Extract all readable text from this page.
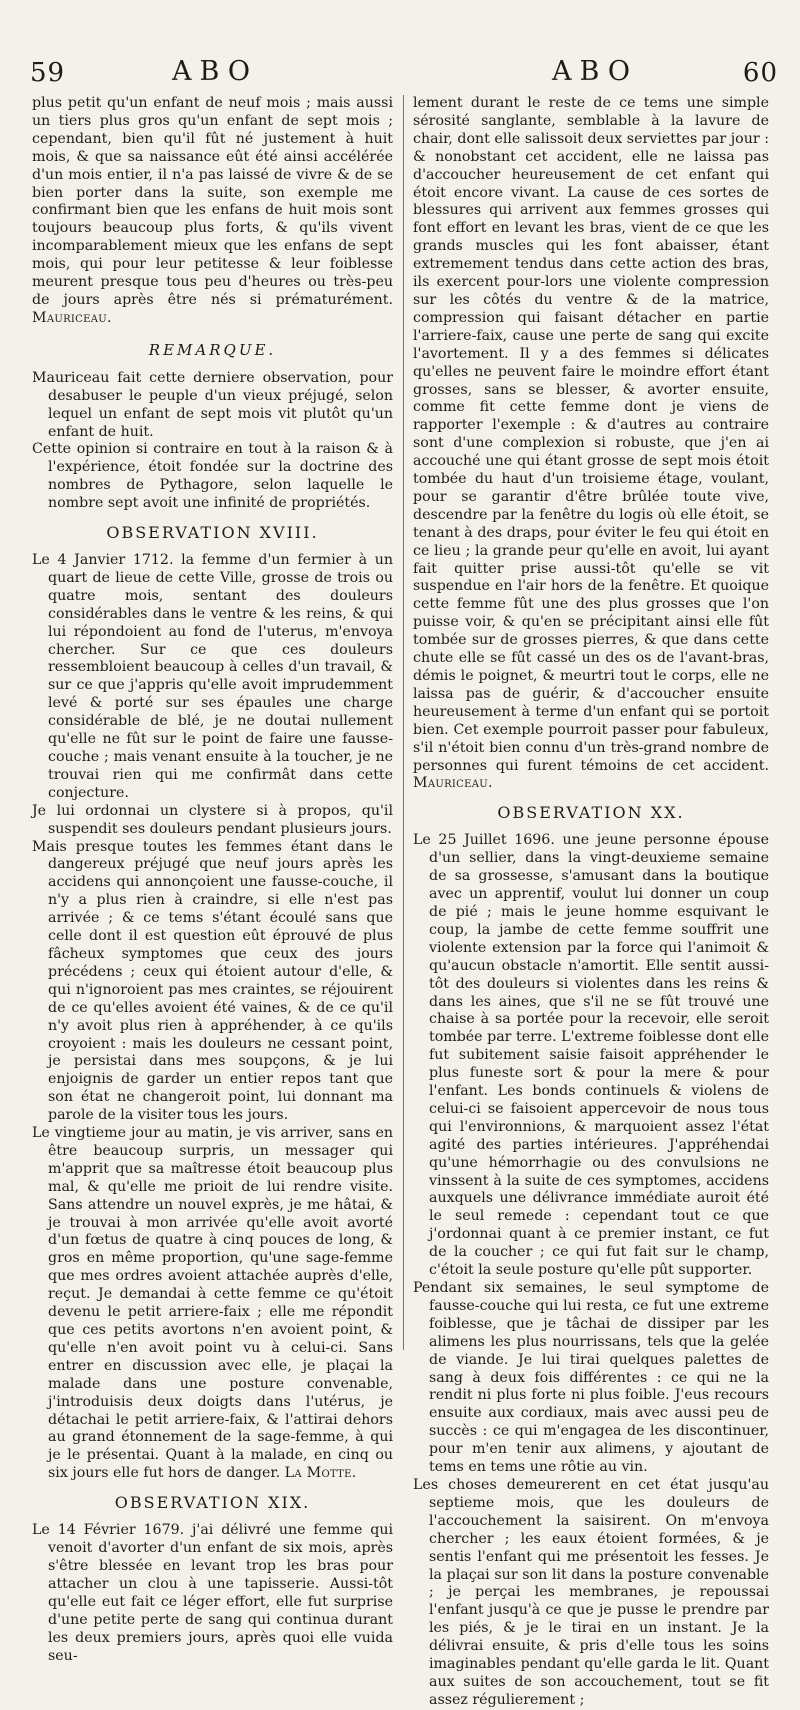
59	ABO	ABO	60

plus petit qu'un enfant de neuf mois ; mais aussi un tiers plus gros qu'un enfant de sept mois ; cependant, bien qu'il fût né justement à huit mois, & que sa naissance eût été ainsi accélérée d'un mois entier, il n'a pas laissé de vivre & de se bien porter dans la suite, son exemple me confirmant bien que les enfans de huit mois sont toujours beaucoup plus forts, & qu'ils vivent incomparablement mieux que les enfans de sept mois, qui pour leur petitesse & leur foiblesse meurent presque tous peu d'heures ou très-peu de jours après être nés si prématurément. Mauriceau.

REMARQUE.

Mauriceau fait cette derniere observation, pour desabuser le peuple d'un vieux préjugé, selon lequel un enfant de sept mois vit plutôt qu'un enfant de huit.

Cette opinion si contraire en tout à la raison & à l'expérience, étoit fondée sur la doctrine des nombres de Pythagore, selon laquelle le nombre sept avoit une infinité de propriétés.

OBSERVATION XVIII.

Le 4 Janvier 1712. la femme d'un fermier à un quart de lieue de cette Ville, grosse de trois ou quatre mois, sentant des douleurs considérables dans le ventre & les reins, & qui lui répondoient au fond de l'uterus, m'envoya chercher. Sur ce que ces douleurs ressembloient beaucoup à celles d'un travail, & sur ce que j'appris qu'elle avoit imprudemment levé & porté sur ses épaules une charge considérable de blé, je ne doutai nullement qu'elle ne fût sur le point de faire une fausse-couche ; mais venant ensuite à la toucher, je ne trouvai rien qui me confirmât dans cette conjecture.

Je lui ordonnai un clystere si à propos, qu'il suspendit ses douleurs pendant plusieurs jours.

Mais presque toutes les femmes étant dans le dangereux préjugé que neuf jours après les accidens qui annonçoient une fausse-couche, il n'y a plus rien à craindre, si elle n'est pas arrivée ; & ce tems s'étant écoulé sans que celle dont il est question eût éprouvé de plus fâcheux symptomes que ceux des jours précédens ; ceux qui étoient autour d'elle, & qui n'ignoroient pas mes craintes, se réjouirent de ce qu'elles avoient été vaines, & de ce qu'il n'y avoit plus rien à appréhender, à ce qu'ils croyoient : mais les douleurs ne cessant point, je persistai dans mes soupçons, & je lui enjoignis de garder un entier repos tant que son état ne changeroit point, lui donnant ma parole de la visiter tous les jours.

Le vingtieme jour au matin, je vis arriver, sans en être beaucoup surpris, un messager qui m'apprit que sa maîtresse étoit beaucoup plus mal, & qu'elle me prioit de lui rendre visite. Sans attendre un nouvel exprès, je me hâtai, & je trouvai à mon arrivée qu'elle avoit avorté d'un fœtus de quatre à cinq pouces de long, & gros en même proportion, qu'une sage-femme que mes ordres avoient attachée auprès d'elle, reçut. Je demandai à cette femme ce qu'étoit devenu le petit arriere-faix ; elle me répondit que ces petits avortons n'en avoient point, & qu'elle n'en avoit point vu à celui-ci. Sans entrer en discussion avec elle, je plaçai la malade dans une posture convenable, j'introduisis deux doigts dans l'utérus, je détachai le petit arriere-faix, & l'attirai dehors au grand étonnement de la sage-femme, à qui je le présentai. Quant à la malade, en cinq ou six jours elle fut hors de danger. La Motte.

OBSERVATION XIX.

Le 14 Février 1679. j'ai délivré une femme qui venoit d'avorter d'un enfant de six mois, après s'être blessée en levant trop les bras pour attacher un clou à une tapisserie. Aussi-tôt qu'elle eut fait ce léger effort, elle fut surprise d'une petite perte de sang qui continua durant les deux premiers jours, après quoi elle vuida seu-

lement durant le reste de ce tems une simple sérosité sanglante, semblable à la lavure de chair, dont elle salissoit deux serviettes par jour : & nonobstant cet accident, elle ne laissa pas d'accoucher heureusement de cet enfant qui étoit encore vivant. La cause de ces sortes de blessures qui arrivent aux femmes grosses qui font effort en levant les bras, vient de ce que les grands muscles qui les font abaisser, étant extremement tendus dans cette action des bras, ils exercent pour-lors une violente compression sur les côtés du ventre & de la matrice, compression qui faisant détacher en partie l'arriere-faix, cause une perte de sang qui excite l'avortement. Il y a des femmes si délicates qu'elles ne peuvent faire le moindre effort étant grosses, sans se blesser, & avorter ensuite, comme fit cette femme dont je viens de rapporter l'exemple : & d'autres au contraire sont d'une complexion si robuste, que j'en ai accouché une qui étant grosse de sept mois étoit tombée du haut d'un troisieme étage, voulant, pour se garantir d'être brûlée toute vive, descendre par la fenêtre du logis où elle étoit, se tenant à des draps, pour éviter le feu qui étoit en ce lieu ; la grande peur qu'elle en avoit, lui ayant fait quitter prise aussi-tôt qu'elle se vit suspendue en l'air hors de la fenêtre. Et quoique cette femme fût une des plus grosses que l'on puisse voir, & qu'en se précipitant ainsi elle fût tombée sur de grosses pierres, & que dans cette chute elle se fût cassé un des os de l'avant-bras, démis le poignet, & meurtri tout le corps, elle ne laissa pas de guérir, & d'accoucher ensuite heureusement à terme d'un enfant qui se portoit bien. Cet exemple pourroit passer pour fabuleux, s'il n'étoit bien connu d'un très-grand nombre de personnes qui furent témoins de cet accident. Mauriceau.

OBSERVATION XX.

Le 25 Juillet 1696. une jeune personne épouse d'un sellier, dans la vingt-deuxieme semaine de sa grossesse, s'amusant dans la boutique avec un apprentif, voulut lui donner un coup de pié ; mais le jeune homme esquivant le coup, la jambe de cette femme souffrit une violente extension par la force qui l'animoit & qu'aucun obstacle n'amortit. Elle sentit aussi-tôt des douleurs si violentes dans les reins & dans les aines, que s'il ne se fût trouvé une chaise à sa portée pour la recevoir, elle seroit tombée par terre. L'extreme foiblesse dont elle fut subitement saisie faisoit appréhender le plus funeste sort & pour la mere & pour l'enfant. Les bonds continuels & violens de celui-ci se faisoient appercevoir de nous tous qui l'environnions, & marquoient assez l'état agité des parties intérieures. J'appréhendai qu'une hémorrhagie ou des convulsions ne vinssent à la suite de ces symptomes, accidens auxquels une délivrance immédiate auroit été le seul remede : cependant tout ce que j'ordonnai quant à ce premier instant, ce fut de la coucher ; ce qui fut fait sur le champ, c'étoit la seule posture qu'elle pût supporter.

Pendant six semaines, le seul symptome de fausse-couche qui lui resta, ce fut une extreme foiblesse, que je tâchai de dissiper par les alimens les plus nourrissans, tels que la gelée de viande. Je lui tirai quelques palettes de sang à deux fois différentes : ce qui ne la rendit ni plus forte ni plus foible. J'eus recours ensuite aux cordiaux, mais avec aussi peu de succès : ce qui m'engagea de les discontinuer, pour m'en tenir aux alimens, y ajoutant de tems en tems une rôtie au vin.

Les choses demeurerent en cet état jusqu'au septieme mois, que les douleurs de l'accouchement la saisirent. On m'envoya chercher ; les eaux étoient formées, & je sentis l'enfant qui me présentoit les fesses. Je la plaçai sur son lit dans la posture convenable ; je perçai les membranes, je repoussai l'enfant jusqu'à ce que je pusse le prendre par les piés, & je le tirai en un instant. Je la délivrai ensuite, & pris d'elle tous les soins imaginables pendant qu'elle garda le lit. Quant aux suites de son accouchement, tout se fit assez régulierement ;
